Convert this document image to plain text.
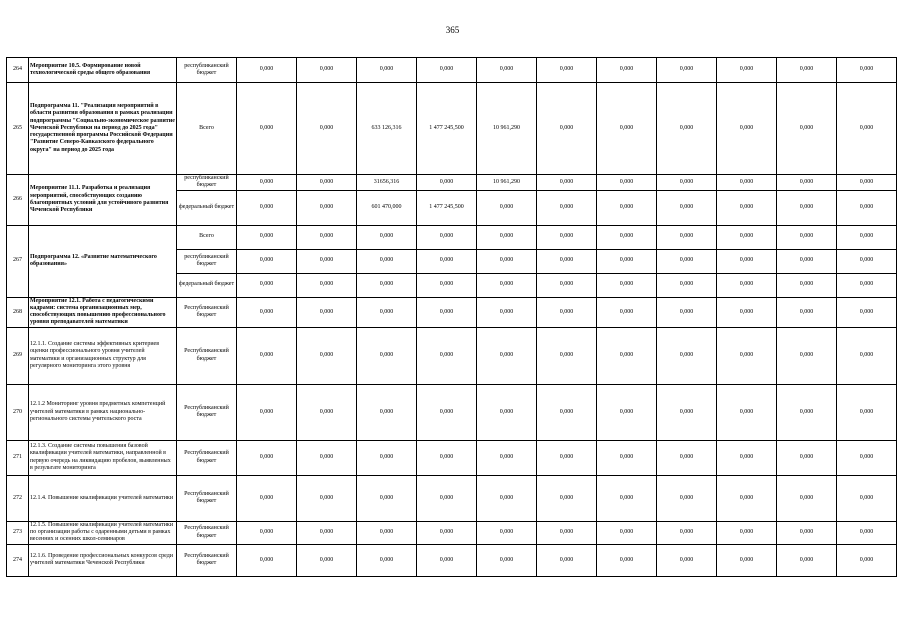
365
264	Мероприятие 10.5. Формирование новой технологической среды общего образования	республиканский бюджет	0,000	0,000	0,000	0,000	0,000	0,000	0,000	0,000	0,000	0,000	0,000
265	Подпрограмма 11. "Реализация мероприятий в области развития образования в рамках реализации подпрограммы "Социально-экономическое развитие Чеченской Республики на период до 2025 года" государственной программы Российской Федерации "Развитие Северо-Кавказского федерального округа" на период до 2025 года	Всего	0,000	0,000	633 126,316	1 477 245,500	10 961,290	0,000	0,000	0,000	0,000	0,000	0,000
266	Мероприятие 11.1. Разработка и реализация мероприятий, способствующих созданию благоприятных условий для устойчивого развития Чеченской Республики	республиканский бюджет	0,000	0,000	31656,316	0,000	10 961,290	0,000	0,000	0,000	0,000	0,000	0,000
		федеральный бюджет	0,000	0,000	601 470,000	1 477 245,500	0,000	0,000	0,000	0,000	0,000	0,000	0,000
267	Подпрограмма 12. «Развитие математического образования»	Всего	0,000	0,000	0,000	0,000	0,000	0,000	0,000	0,000	0,000	0,000	0,000
		республиканский бюджет	0,000	0,000	0,000	0,000	0,000	0,000	0,000	0,000	0,000	0,000	0,000
		федеральный бюджет	0,000	0,000	0,000	0,000	0,000	0,000	0,000	0,000	0,000	0,000	0,000
268	Мероприятие 12.1. Работа с педагогическими кадрами: система организационных мер, способствующих повышению профессионального уровня преподавателей математики	Республиканский бюджет	0,000	0,000	0,000	0,000	0,000	0,000	0,000	0,000	0,000	0,000	0,000
269	12.1.1. Создание системы эффективных критериев оценки профессионального уровня учителей математики и организационных структур для регулярного мониторинга этого уровня	Республиканский бюджет	0,000	0,000	0,000	0,000	0,000	0,000	0,000	0,000	0,000	0,000	0,000
270	12.1.2 Мониторинг уровня предметных компетенций учителей математики в рамках национально-регионального системы учительского роста	Республиканский бюджет	0,000	0,000	0,000	0,000	0,000	0,000	0,000	0,000	0,000	0,000	0,000
271	12.1.3. Создание системы повышения базовой квалификации учителей математики, направленной в первую очередь на ликвидацию пробелов, выявленных в результате мониторинга	Республиканский бюджет	0,000	0,000	0,000	0,000	0,000	0,000	0,000	0,000	0,000	0,000	0,000
272	12.1.4. Повышение квалификации учителей математики	Республиканский бюджет	0,000	0,000	0,000	0,000	0,000	0,000	0,000	0,000	0,000	0,000	0,000
273	12.1.5. Повышение квалификации учителей математики по организации работы с одаренными детьми в рамках весенних и осенних школ-семинаров	Республиканский бюджет	0,000	0,000	0,000	0,000	0,000	0,000	0,000	0,000	0,000	0,000	0,000
274	12.1.6. Проведение профессиональных конкурсов среди учителей математики Чеченской Республики	Республиканский бюджет	0,000	0,000	0,000	0,000	0,000	0,000	0,000	0,000	0,000	0,000	0,000
